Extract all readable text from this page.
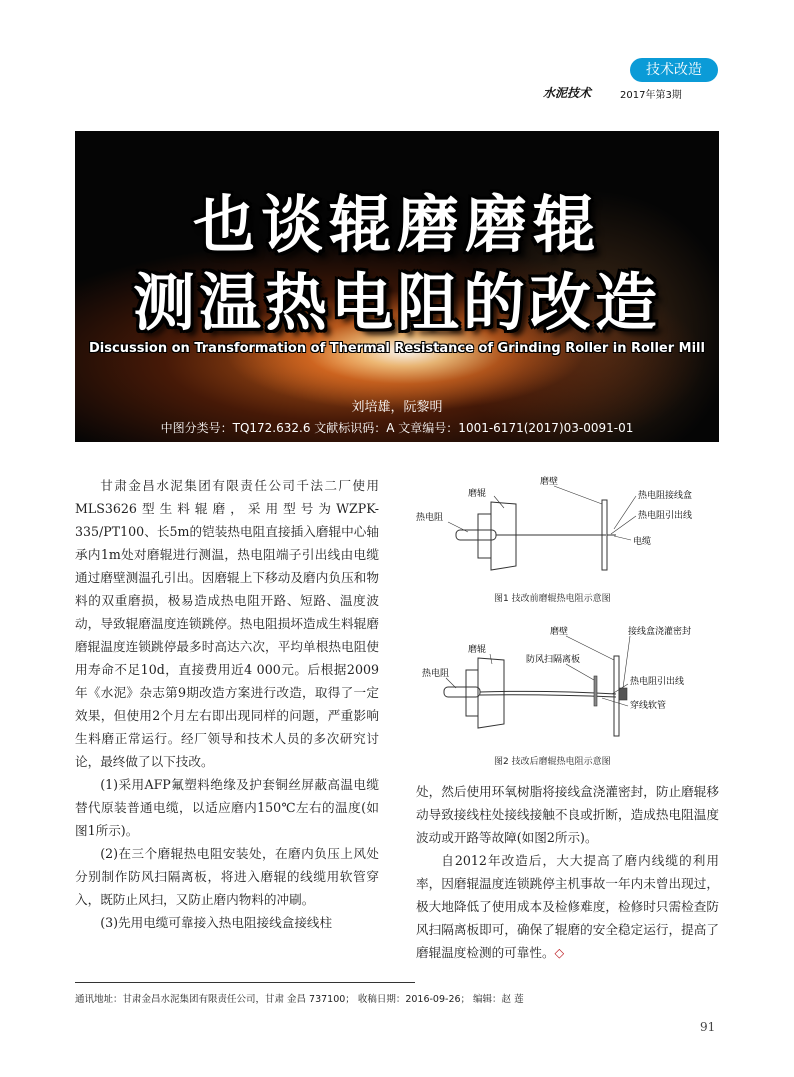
技术改造
水泥技术	2017年第3期
也谈辊磨磨辊
测温热电阻的改造
Discussion on Transformation of Thermal Resistance of Grinding Roller in Roller Mill
刘培雄，阮黎明
中图分类号：TQ172.632.6 文献标识码：A 文章编号：1001-6171(2017)03-0091-01

甘肃金昌水泥集团有限责任公司千法二厂使用MLS3626型生料辊磨，采用型号为WZPK-335/PT100、长5m的铠装热电阻直接插入磨辊中心轴承内1m处对磨辊进行测温，热电阻端子引出线由电缆通过磨壁测温孔引出。因磨辊上下移动及磨内负压和物料的双重磨损，极易造成热电阻开路、短路、温度波动，导致辊磨温度连锁跳停。热电阻损坏造成生料辊磨磨辊温度连锁跳停最多时高达六次，平均单根热电阻使用寿命不足10d，直接费用近4 000元。后根据2009年《水泥》杂志第9期改造方案进行改造，取得了一定效果，但使用2个月左右即出现同样的问题，严重影响生料磨正常运行。经厂领导和技术人员的多次研究讨论，最终做了以下技改。

(1)采用AFP氟塑料绝缘及护套铜丝屏蔽高温电缆替代原装普通电缆，以适应磨内150℃左右的温度(如图1所示)。

(2)在三个磨辊热电阻安装处，在磨内负压上风处分别制作防风扫隔离板，将进入磨辊的线缆用软管穿入，既防止风扫，又防止磨内物料的冲刷。

(3)先用电缆可靠接入热电阻接线盒接线柱

磨辊
磨壁
热电阻接线盒
热电阻引出线
电缆
热电阻
图1 技改前磨辊热电阻示意图
磨壁	接线盒浇灌密封
磨辊
防风扫隔离板
热电阻
热电阻引出线
穿线软管
图2 技改后磨辊热电阻示意图

处，然后使用环氧树脂将接线盒浇灌密封，防止磨辊移动导致接线柱处接线接触不良或折断，造成热电阻温度波动或开路等故障(如图2所示)。

自2012年改造后，大大提高了磨内线缆的利用率，因磨辊温度连锁跳停主机事故一年内未曾出现过，极大地降低了使用成本及检修难度，检修时只需检查防风扫隔离板即可，确保了辊磨的安全稳定运行，提高了磨辊温度检测的可靠性。◇

通讯地址：甘肃金昌水泥集团有限责任公司，甘肃 金昌 737100； 收稿日期：2016-09-26； 编辑：赵 莲
91
